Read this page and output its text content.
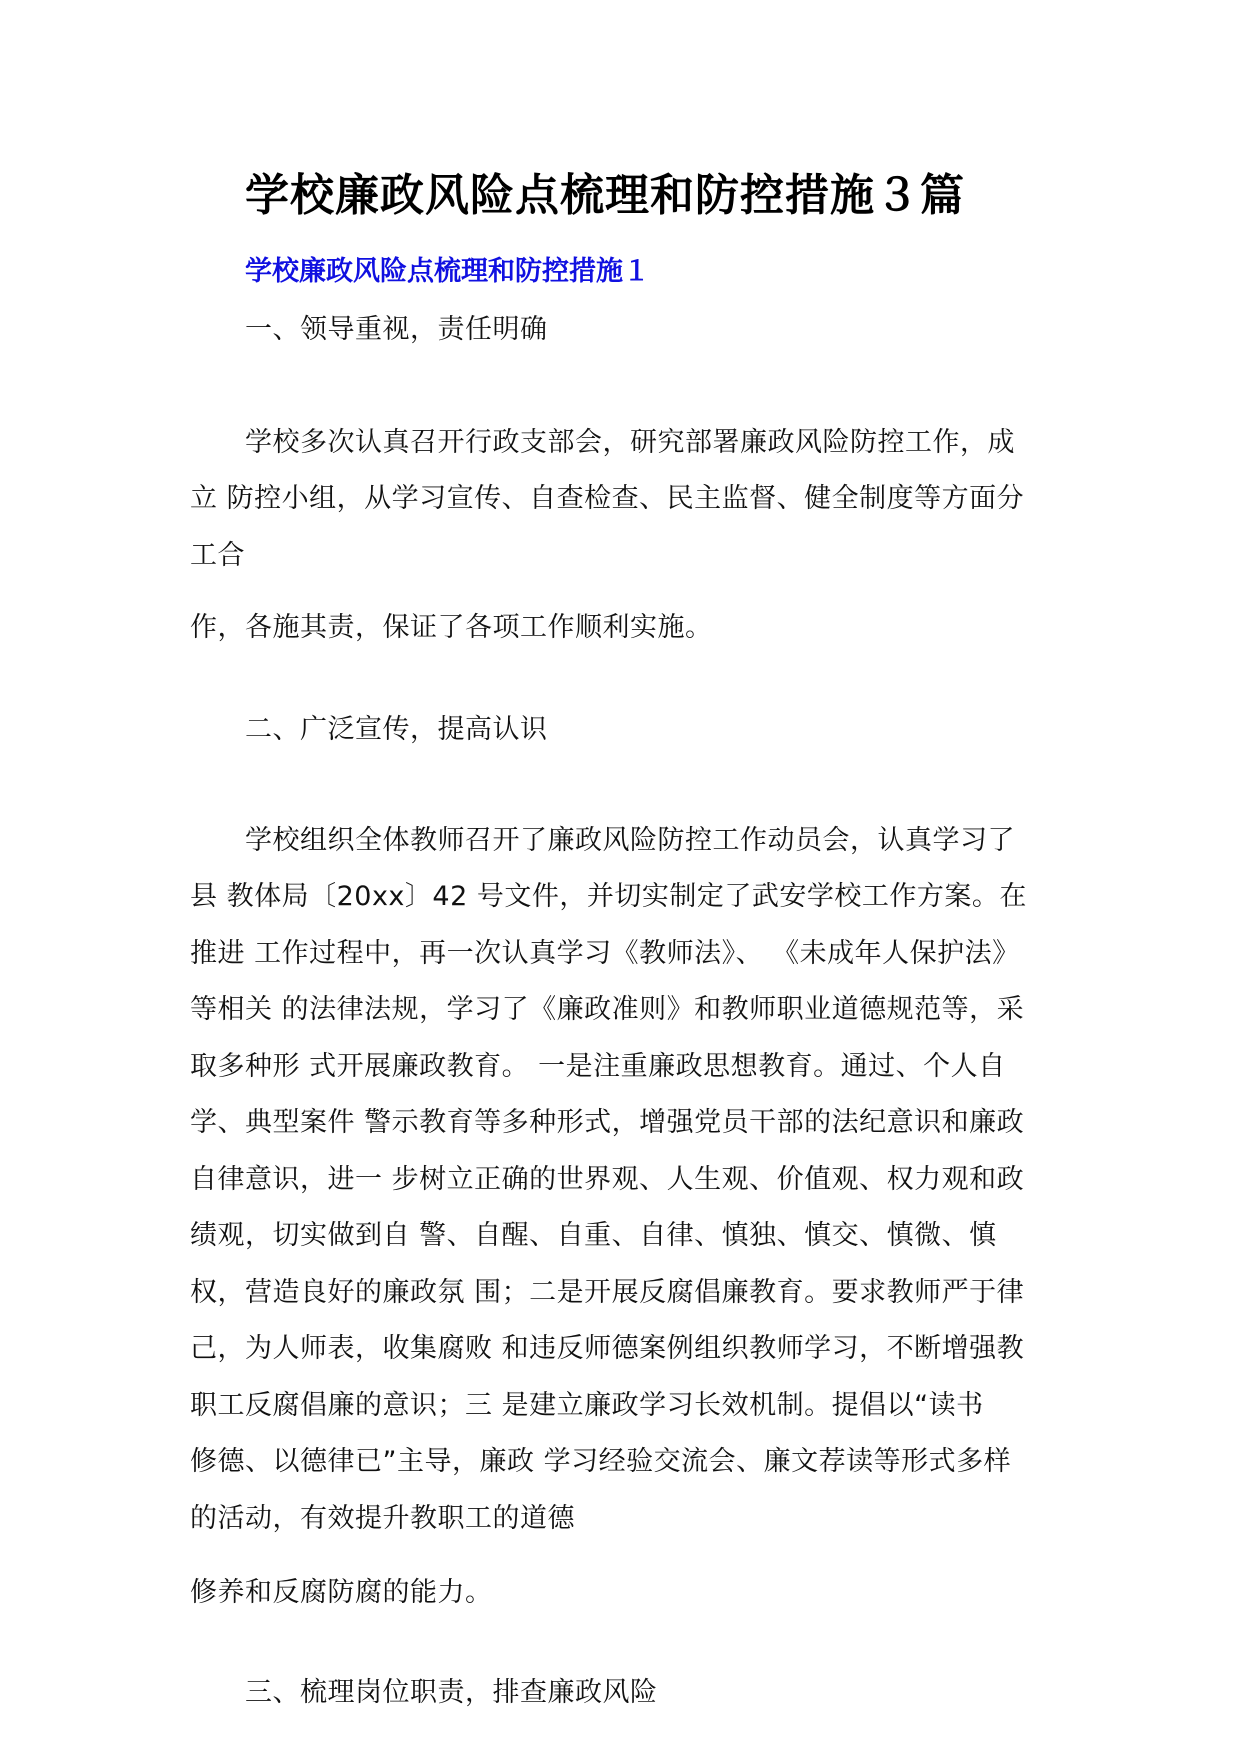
学校廉政风险点梳理和防控措施３篇
学校廉政风险点梳理和防控措施１
一、领导重视，责任明确
学校多次认真召开行政支部会，研究部署廉政风险防控工作，成
立 防控小组，从学习宣传、自查检查、民主监督、健全制度等方面分
工合
作，各施其责，保证了各项工作顺利实施。
二、广泛宣传，提高认识
学校组织全体教师召开了廉政风险防控工作动员会，认真学习了
县 教体局〔20xx〕42 号文件，并切实制定了武安学校工作方案。在
推进 工作过程中，再一次认真学习《教师法》、 《未成年人保护法》
等相关 的法律法规，学习了《廉政准则》和教师职业道德规范等，采
取多种形 式开展廉政教育。 一是注重廉政思想教育。通过、个人自
学、典型案件 警示教育等多种形式，增强党员干部的法纪意识和廉政
自律意识，进一 步树立正确的世界观、人生观、价值观、权力观和政
绩观，切实做到自 警、自醒、自重、自律、慎独、慎交、慎微、慎
权，营造良好的廉政氛 围；二是开展反腐倡廉教育。要求教师严于律
己，为人师表，收集腐败 和违反师德案例组织教师学习，不断增强教
职工反腐倡廉的意识；三 是建立廉政学习长效机制。提倡以“读书
修德、以德律已”主导，廉政 学习经验交流会、廉文荐读等形式多样
的活动，有效提升教职工的道德
修养和反腐防腐的能力。
三、梳理岗位职责，排查廉政风险
